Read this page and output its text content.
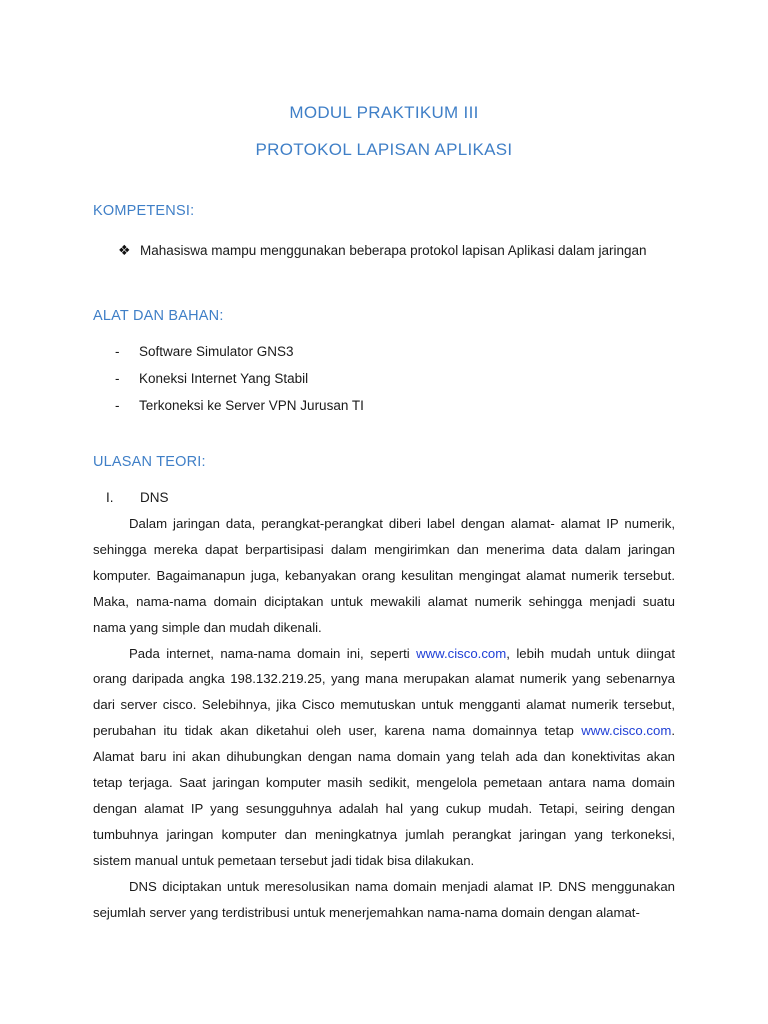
MODUL PRAKTIKUM III
PROTOKOL LAPISAN APLIKASI
KOMPETENSI:
❖ Mahasiswa mampu menggunakan beberapa protokol lapisan Aplikasi dalam jaringan
ALAT DAN BAHAN:
- Software Simulator GNS3
- Koneksi Internet Yang Stabil
- Terkoneksi ke Server VPN Jurusan TI
ULASAN TEORI:
I. DNS

Dalam jaringan data, perangkat-perangkat diberi label dengan alamat- alamat IP numerik, sehingga mereka dapat berpartisipasi dalam mengirimkan dan menerima data dalam jaringan komputer. Bagaimanapun juga, kebanyakan orang kesulitan mengingat alamat numerik tersebut. Maka, nama-nama domain diciptakan untuk mewakili alamat numerik sehingga menjadi suatu nama yang simple dan mudah dikenali.

Pada internet, nama-nama domain ini, seperti www.cisco.com, lebih mudah untuk diingat orang daripada angka 198.132.219.25, yang mana merupakan alamat numerik yang sebenarnya dari server cisco. Selebihnya, jika Cisco memutuskan untuk mengganti alamat numerik tersebut, perubahan itu tidak akan diketahui oleh user, karena nama domainnya tetap www.cisco.com. Alamat baru ini akan dihubungkan dengan nama domain yang telah ada dan konektivitas akan tetap terjaga. Saat jaringan komputer masih sedikit, mengelola pemetaan antara nama domain dengan alamat IP yang sesungguhnya adalah hal yang cukup mudah. Tetapi, seiring dengan tumbuhnya jaringan komputer dan meningkatnya jumlah perangkat jaringan yang terkoneksi, sistem manual untuk pemetaan tersebut jadi tidak bisa dilakukan.

DNS diciptakan untuk meresolusikan nama domain menjadi alamat IP. DNS menggunakan sejumlah server yang terdistribusi untuk menerjemahkan nama-nama domain dengan alamat-
